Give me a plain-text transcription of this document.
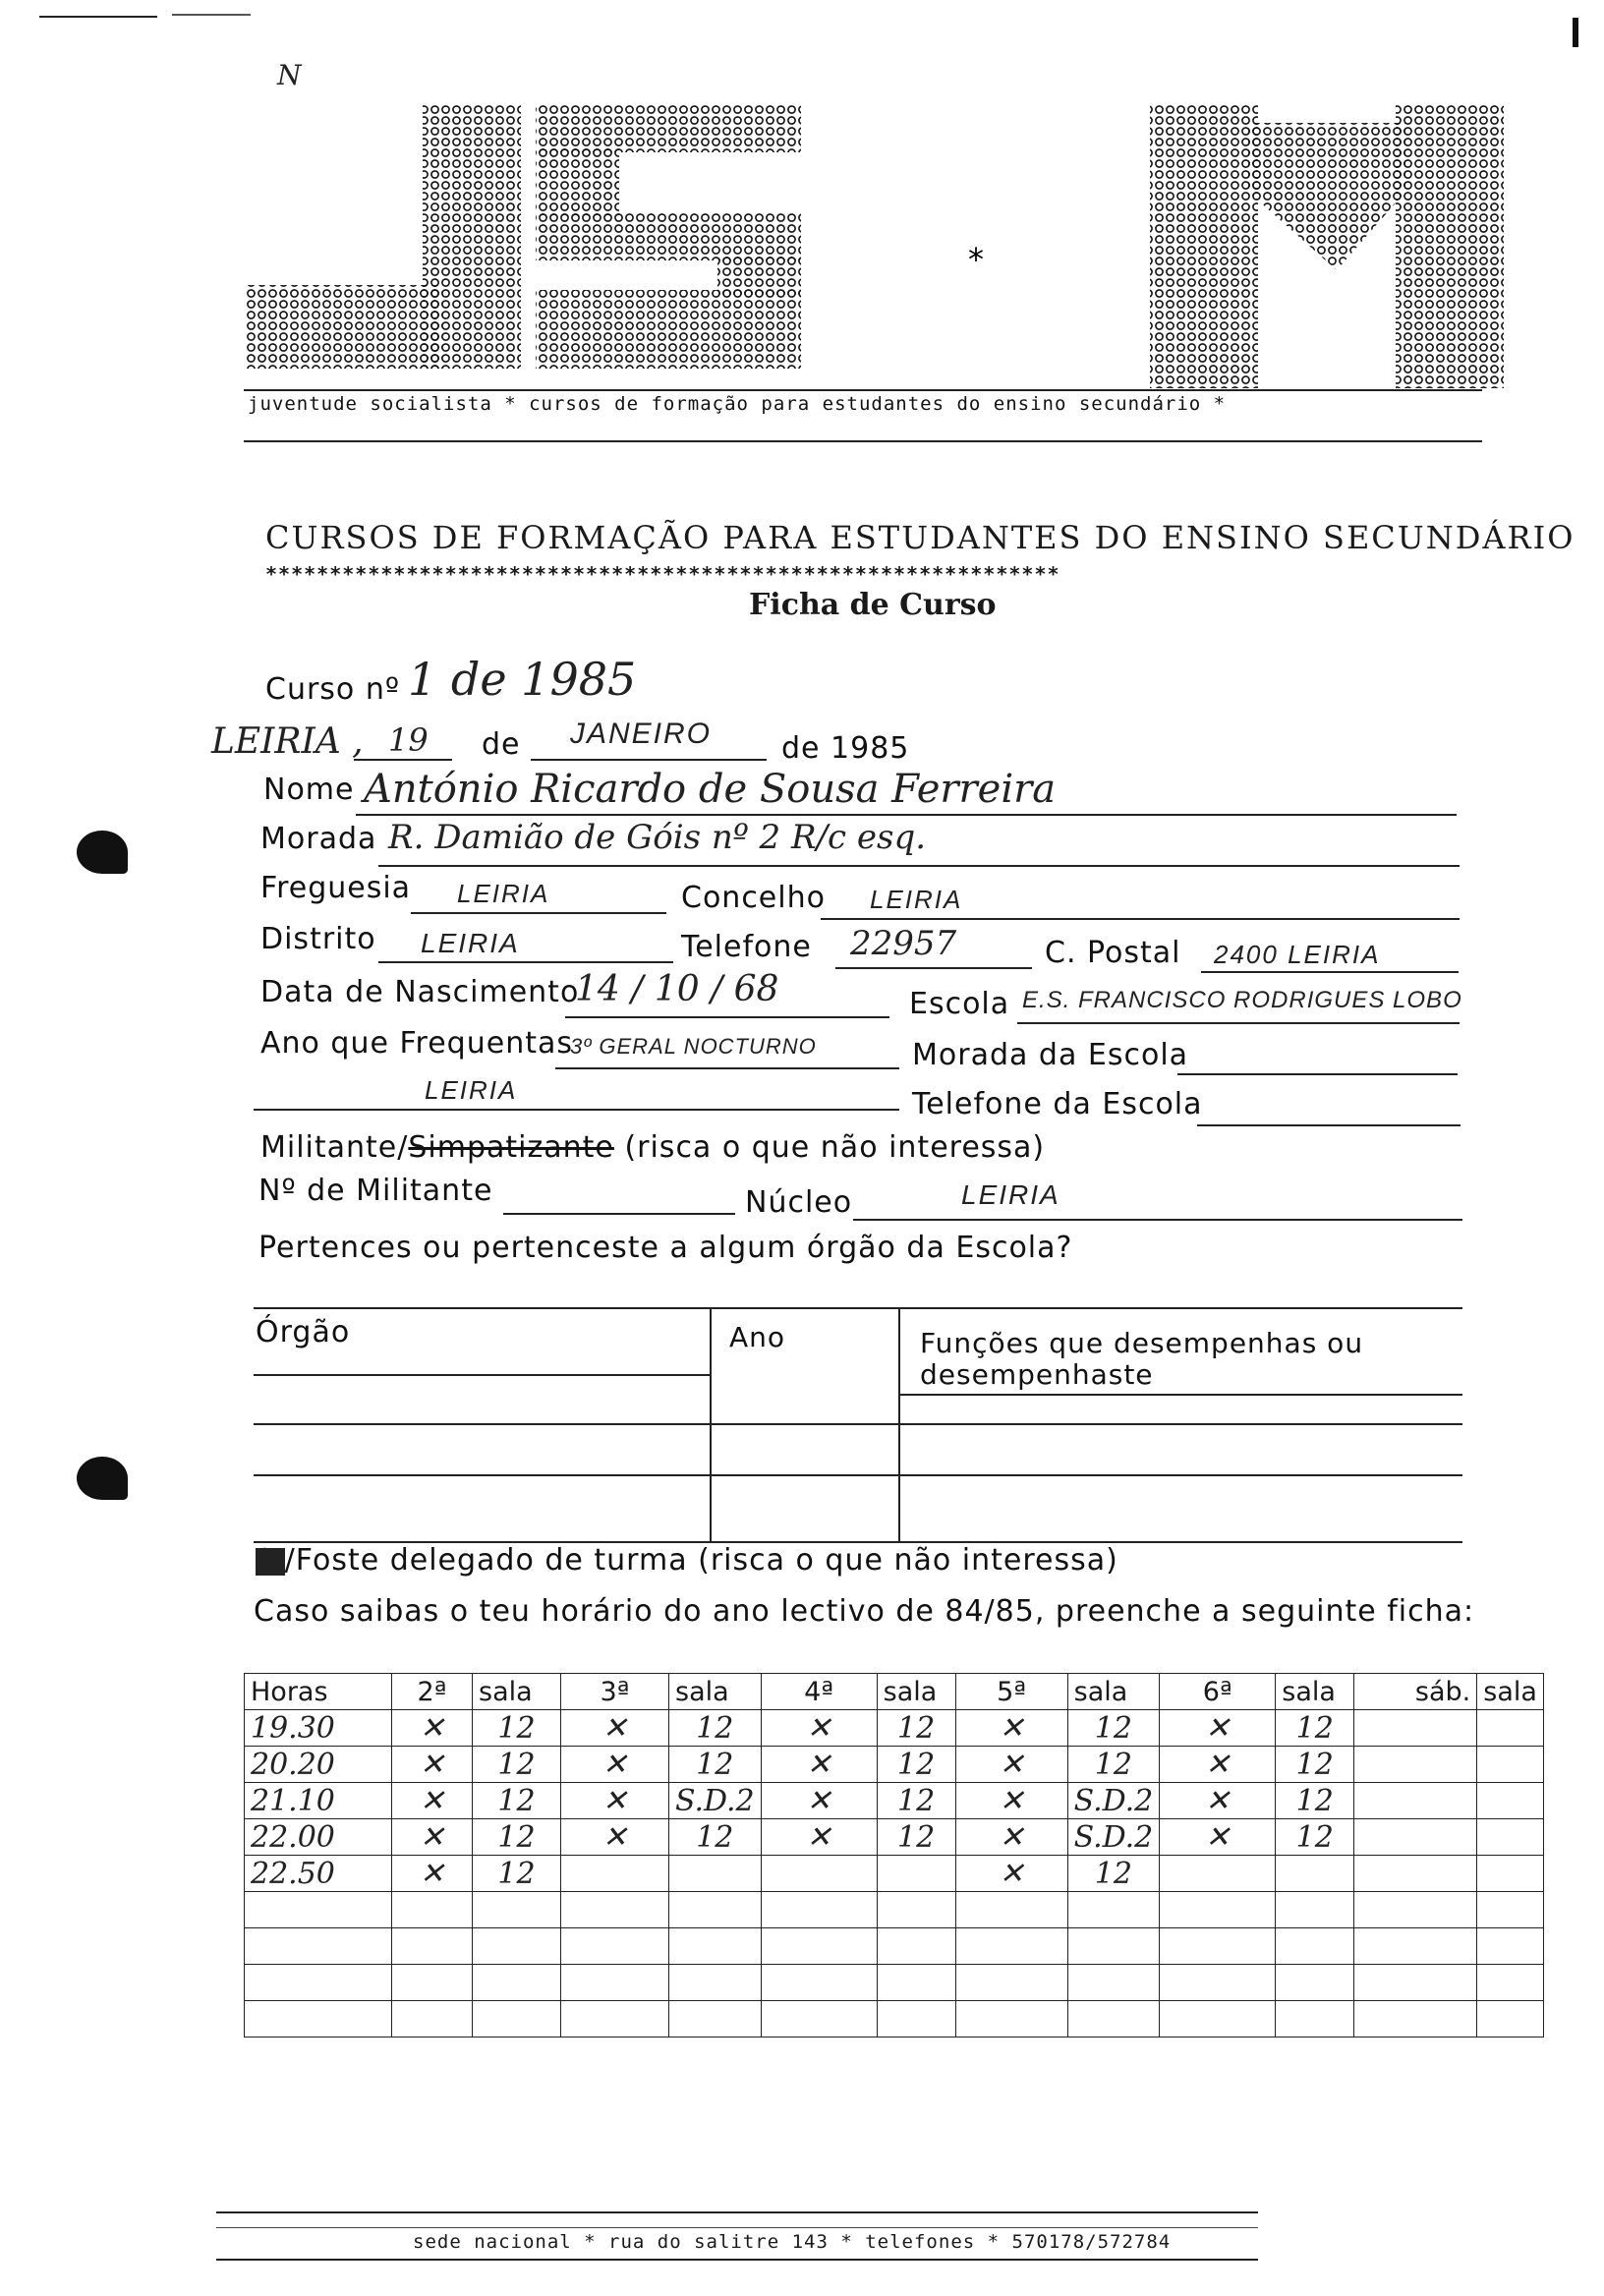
N
*
juventude socialista * cursos de formação para estudantes do ensino secundário *
CURSOS DE FORMAÇÃO PARA ESTUDANTES DO ENSINO SECUNDÁRIO
**************************************************************
Ficha de Curso
Curso nº 1 de 1985
LEIRIA , 19 de JANEIRO de 1985
Nome António Ricardo de Sousa Ferreira
Morada R. Damião de Góis nº 2 R/c esq.
Freguesia LEIRIA	Concelho LEIRIA
Distrito LEIRIA	Telefone 22957	C. Postal 2400 LEIRIA
Data de Nascimento
14 / 10 / 68	Escola E.S. FRANCISCO RODRIGUES LOBO
Ano que Frequentas
3º GERAL NOCTURNO	Morada da Escola
LEIRIA	Telefone da Escola
Militante/Simpatizante (risca o que não interessa)
Nº de Militante	Núcleo	LEIRIA
Pertences ou pertenceste a algum órgão da Escola?
Órgão	Ano	Funções que desempenhas ou
desempenhaste
És/Foste delegado de turma (risca o que não interessa)
Caso saibas o teu horário do ano lectivo de 84/85, preenche a seguinte ficha:
Horas	2ª	sala	3ª	sala	4ª	sala	5ª	sala	6ª	sala	sáb.	sala
19.30	✕	12	✕	12	✕	12	✕	12	✕	12		
20.20	✕	12	✕	12	✕	12	✕	12	✕	12		
21.10	✕	12	✕	S.D.2	✕	12	✕	S.D.2	✕	12		
22.00	✕	12	✕	12	✕	12	✕	S.D.2	✕	12		
22.50	✕	12					✕	12				

sede nacional * rua do salitre 143 * telefones * 570178/572784
